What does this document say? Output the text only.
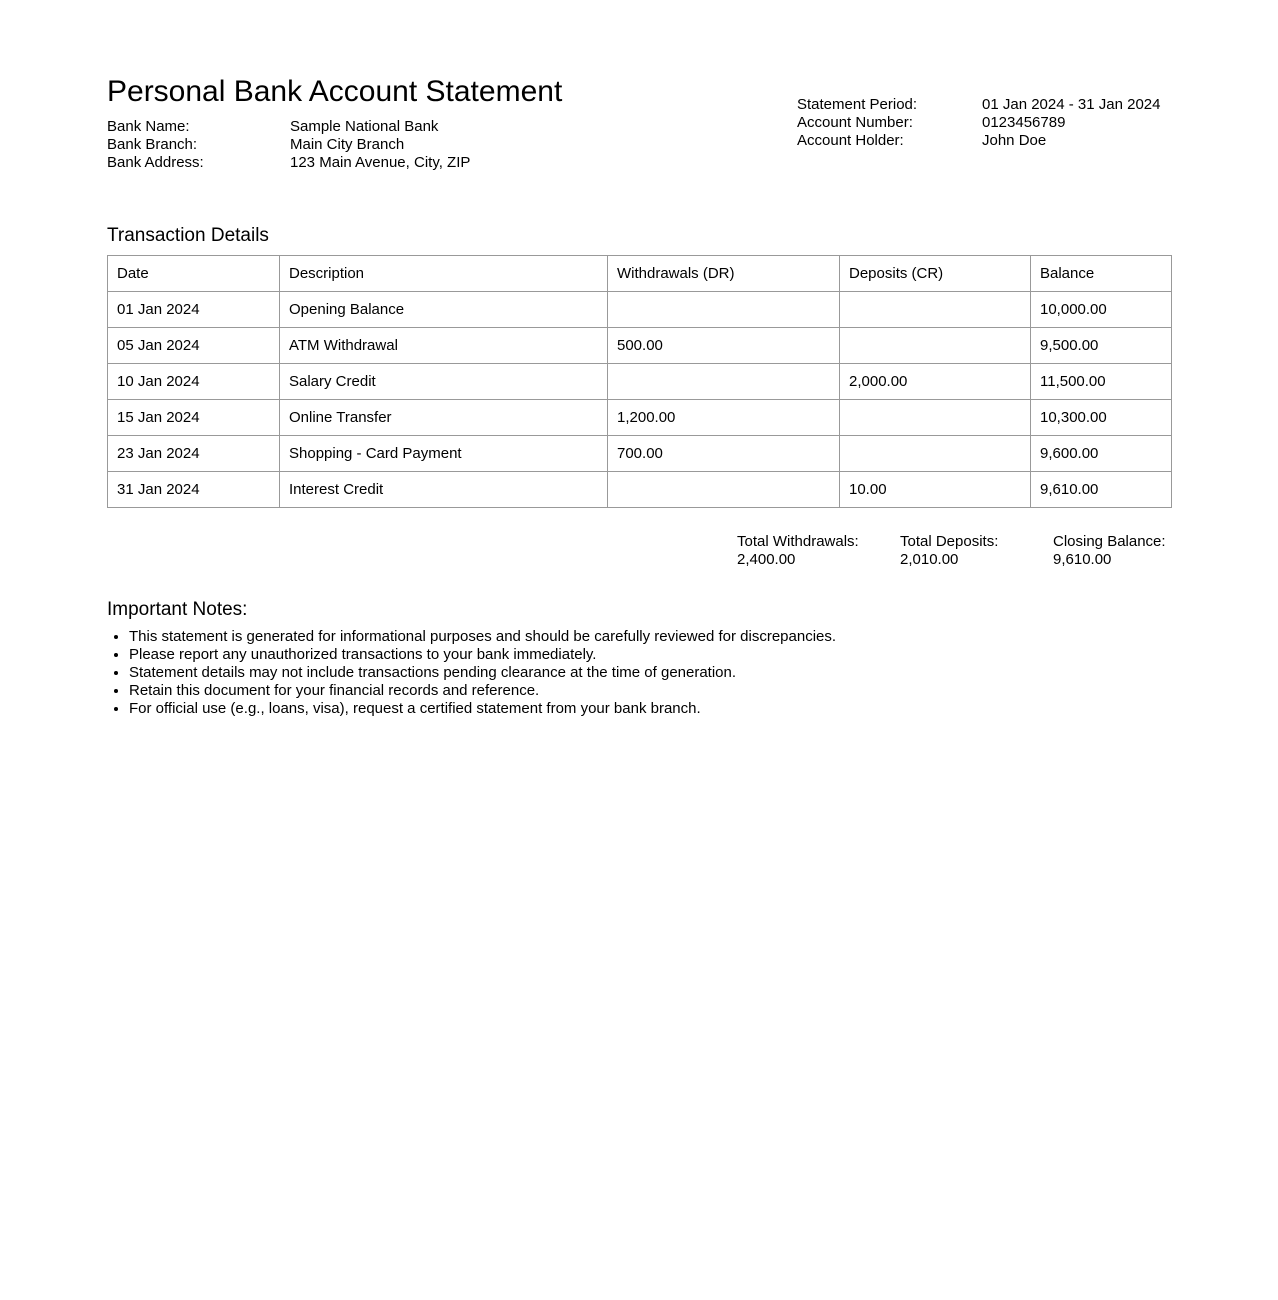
Personal Bank Account Statement
Bank Name:	Sample National Bank
Bank Branch:	Main City Branch
Bank Address:	123 Main Avenue, City, ZIP
Statement Period:	01 Jan 2024 - 31 Jan 2024
Account Number:	0123456789
Account Holder:	John Doe
Transaction Details
Date	Description	Withdrawals (DR)	Deposits (CR)	Balance
01 Jan 2024	Opening Balance			10,000.00
05 Jan 2024	ATM Withdrawal	500.00		9,500.00
10 Jan 2024	Salary Credit		2,000.00	11,500.00
15 Jan 2024	Online Transfer	1,200.00		10,300.00
23 Jan 2024	Shopping - Card Payment	700.00		9,600.00
31 Jan 2024	Interest Credit		10.00	9,610.00
Total Withdrawals:
2,400.00
Total Deposits:
2,010.00
Closing Balance:
9,610.00
Important Notes:
• This statement is generated for informational purposes and should be carefully reviewed for discrepancies.
• Please report any unauthorized transactions to your bank immediately.
• Statement details may not include transactions pending clearance at the time of generation.
• Retain this document for your financial records and reference.
• For official use (e.g., loans, visa), request a certified statement from your bank branch.
